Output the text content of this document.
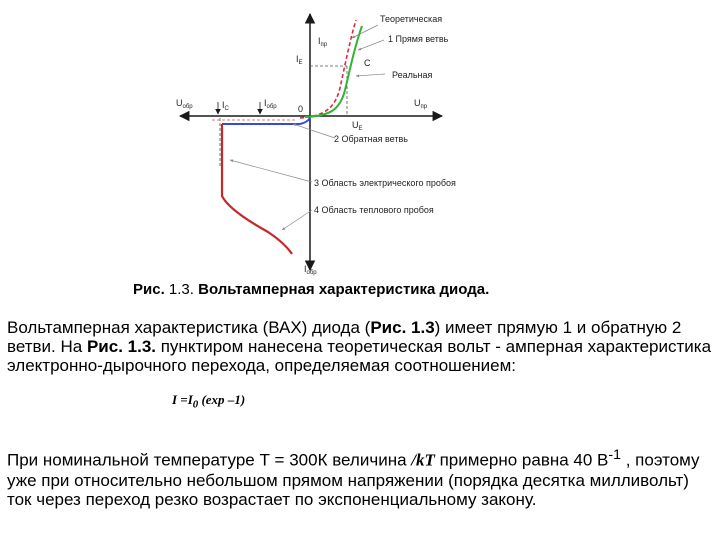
Теоретическая
1 Прямя ветвь
Реальная
2 Обратная ветвь
3 Область электрического пробоя
4 Область теплового пробоя
0
С
$I_{пр}$
$I_Е$
$U_{обр}$	$I_С$
$I_{обр}$	$U_{пр}$
$U_Е$
$I_{обр}$
Рис. 1.3. Вольтамперная характеристика диода.

Вольтамперная характеристика (ВАХ) диода (Рис. 1.3) имеет прямую 1 и обратную 2 ветви. На Рис. 1.3. пунктиром нанесена теоретическая вольт - амперная характеристика электронно-дырочного перехода, определяемая соотношением:

$I =I_0$ (exp –1)

При номинальной температуре Т = 300К величина /kT примерно равна 40 $В^{-1}$ , поэтому уже при относительно небольшом прямом напряжении (порядка десятка милливольт) ток через переход резко возрастает по экспоненциальному закону.
